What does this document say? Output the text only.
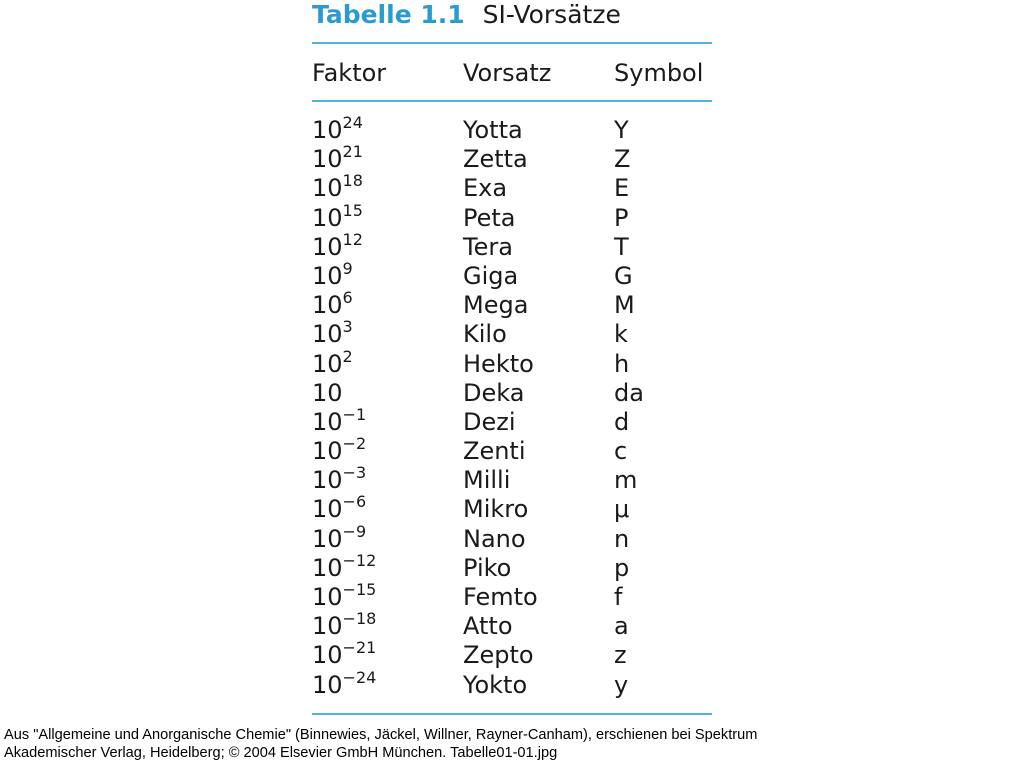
Tabelle 1.1 SI-Vorsätze
Faktor	Vorsatz	Symbol
$10^{24}$	Yotta	Y
$10^{21}$	Zetta	Z
$10^{18}$	Exa	E
$10^{15}$	Peta	P
$10^{12}$	Tera	T
$10^9$	Giga	G
$10^6$	Mega	M
$10^3$	Kilo	k
$10^2$	Hekto	h
10	Deka	da
$10^{-1}$	Dezi	d
$10^{-2}$	Zenti	c
$10^{-3}$	Milli	m
$10^{-6}$	Mikro	μ
$10^{-9}$	Nano	n
$10^{-12}$	Piko	p
$10^{-15}$	Femto	f
$10^{-18}$	Atto	a
$10^{-21}$	Zepto	z
$10^{-24}$	Yokto	y
Aus "Allgemeine und Anorganische Chemie" (Binnewies, Jäckel, Willner, Rayner-Canham), erschienen bei Spektrum
Akademischer Verlag, Heidelberg; © 2004 Elsevier GmbH München. Tabelle01-01.jpg
